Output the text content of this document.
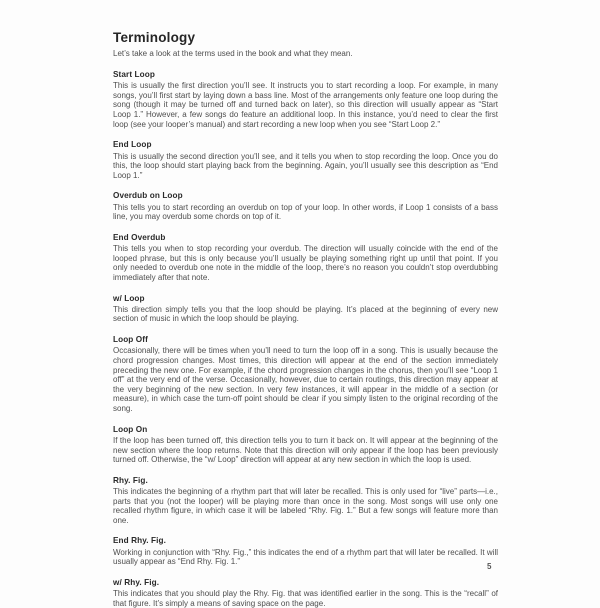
Terminology

Let’s take a look at the terms used in the book and what they mean.

Start Loop

This is usually the first direction you’ll see. It instructs you to start recording a loop. For example, in many songs, you’ll first start by laying down a bass line. Most of the arrangements only feature one loop during the song (though it may be turned off and turned back on later), so this direction will usually appear as “Start Loop 1.” However, a few songs do feature an additional loop. In this instance, you’d need to clear the first loop (see your looper’s manual) and start recording a new loop when you see “Start Loop 2.”

End Loop

This is usually the second direction you’ll see, and it tells you when to stop recording the loop. Once you do this, the loop should start playing back from the beginning. Again, you’ll usually see this description as “End Loop 1.”

Overdub on Loop

This tells you to start recording an overdub on top of your loop. In other words, if Loop 1 consists of a bass line, you may overdub some chords on top of it.

End Overdub

This tells you when to stop recording your overdub. The direction will usually coincide with the end of the looped phrase, but this is only because you’ll usually be playing something right up until that point. If you only needed to overdub one note in the middle of the loop, there’s no reason you couldn’t stop overdubbing immediately after that note.

w/ Loop

This direction simply tells you that the loop should be playing. It’s placed at the beginning of every new section of music in which the loop should be playing.

Loop Off

Occasionally, there will be times when you’ll need to turn the loop off in a song. This is usually because the chord progression changes. Most times, this direction will appear at the end of the section immediately preceding the new one. For example, if the chord progression changes in the chorus, then you’ll see “Loop 1 off” at the very end of the verse. Occasionally, however, due to certain routings, this direction may appear at the very beginning of the new section. In very few instances, it will appear in the middle of a section (or measure), in which case the turn-off point should be clear if you simply listen to the original recording of the song.

Loop On

If the loop has been turned off, this direction tells you to turn it back on. It will appear at the beginning of the new section where the loop returns. Note that this direction will only appear if the loop has been previously turned off. Otherwise, the “w/ Loop” direction will appear at any new section in which the loop is used.

Rhy. Fig.

This indicates the beginning of a rhythm part that will later be recalled. This is only used for “live” parts—i.e., parts that you (not the looper) will be playing more than once in the song. Most songs will use only one recalled rhythm figure, in which case it will be labeled “Rhy. Fig. 1.” But a few songs will feature more than one.

End Rhy. Fig.

Working in conjunction with “Rhy. Fig.,” this indicates the end of a rhythm part that will later be recalled. It will usually appear as “End Rhy. Fig. 1.”

w/ Rhy. Fig.

This indicates that you should play the Rhy. Fig. that was identified earlier in the song. This is the “recall” of that figure. It’s simply a means of saving space on the page.

5
